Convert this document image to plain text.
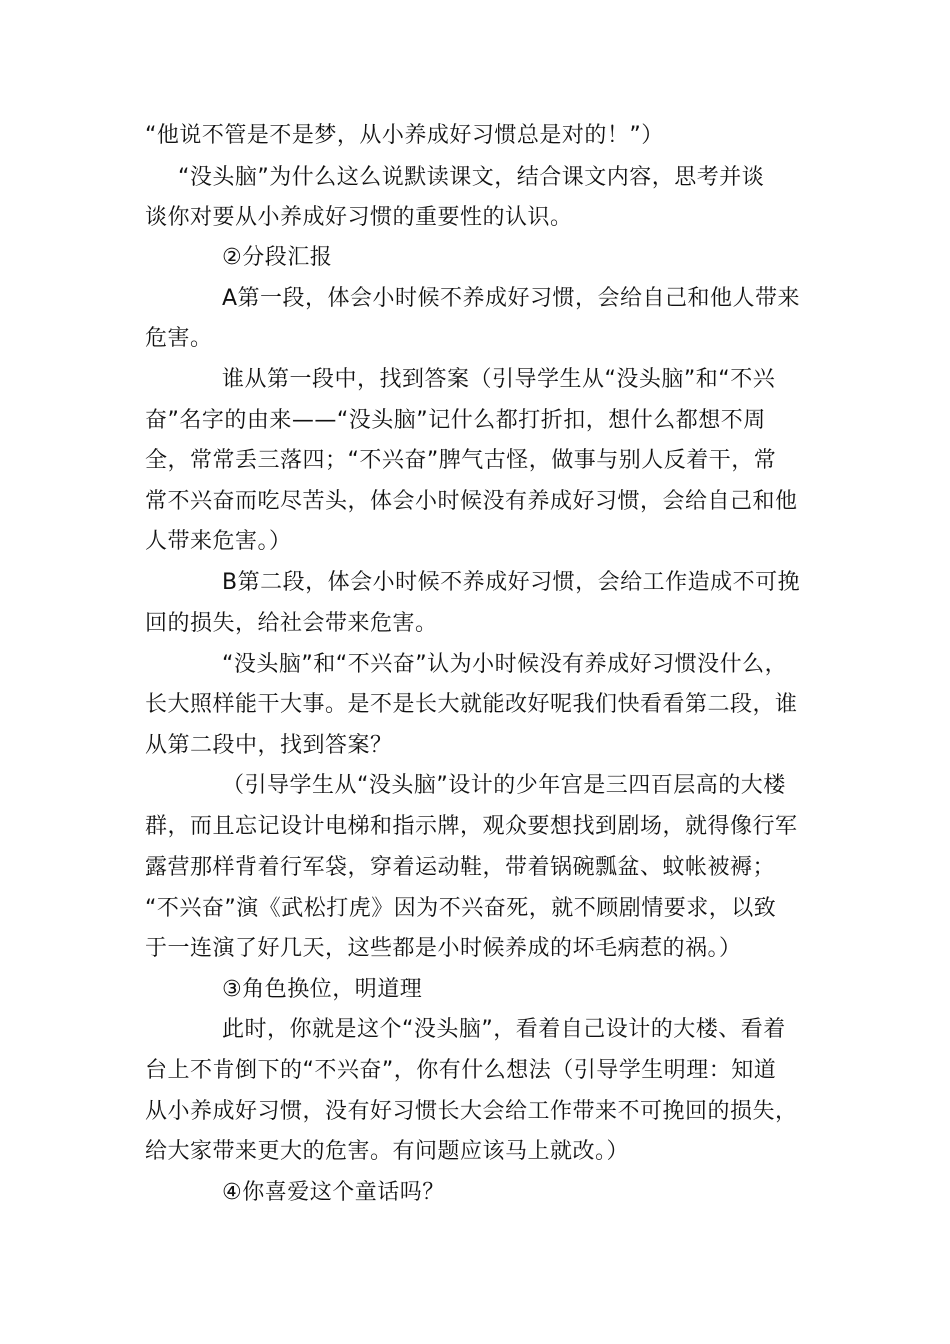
“他说不管是不是梦，从小养成好习惯总是对的！”）
“没头脑”为什么这么说默读课文，结合课文内容，思考并谈
谈你对要从小养成好习惯的重要性的认识。
②分段汇报
A第一段，体会小时候不养成好习惯，会给自己和他人带来
危害。
谁从第一段中，找到答案（引导学生从“没头脑”和“不兴
奋”名字的由来——“没头脑”记什么都打折扣，想什么都想不周
全，常常丢三落四；“不兴奋”脾气古怪，做事与别人反着干，常
常不兴奋而吃尽苦头，体会小时候没有养成好习惯，会给自己和他
人带来危害。）
B第二段，体会小时候不养成好习惯，会给工作造成不可挽
回的损失，给社会带来危害。
“没头脑”和“不兴奋”认为小时候没有养成好习惯没什么，
长大照样能干大事。是不是长大就能改好呢我们快看看第二段，谁
从第二段中，找到答案？
（引导学生从“没头脑”设计的少年宫是三四百层高的大楼
群，而且忘记设计电梯和指示牌，观众要想找到剧场，就得像行军
露营那样背着行军袋，穿着运动鞋，带着锅碗瓢盆、蚊帐被褥；
“不兴奋”演《武松打虎》因为不兴奋死，就不顾剧情要求，以致
于一连演了好几天，这些都是小时候养成的坏毛病惹的祸。）
③角色换位，明道理
此时，你就是这个“没头脑”，看着自己设计的大楼、看着
台上不肯倒下的“不兴奋”，你有什么想法（引导学生明理：知道
从小养成好习惯，没有好习惯长大会给工作带来不可挽回的损失，
给大家带来更大的危害。有问题应该马上就改。）
④你喜爱这个童话吗？
